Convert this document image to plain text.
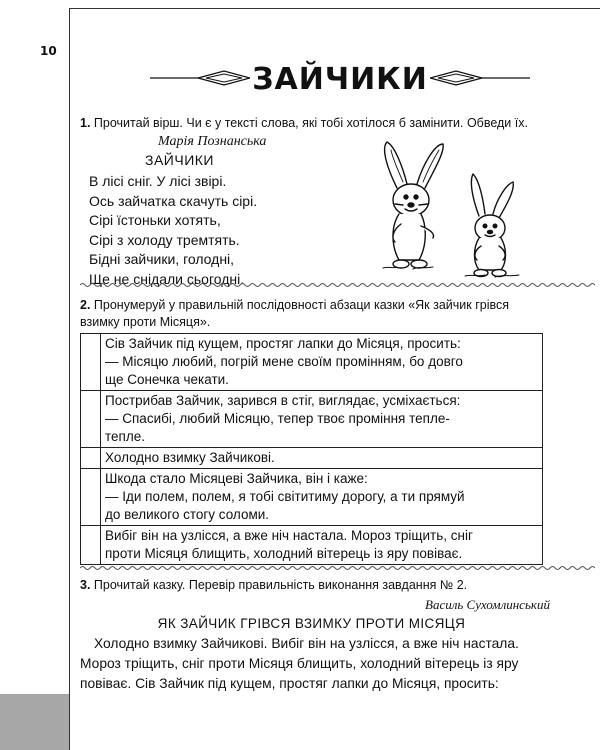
10
ЗАЙЧИКИ
1. Прочитай вірш. Чи є у тексті слова, які тобі хотілося б замінити. Обведи їх.
Марія Познанська
ЗАЙЧИКИ
В лісі сніг. У лісі звірі.
Ось зайчатка скачуть сірі.
Сірі їстоньки хотять,
Сірі з холоду тремтять.
Бідні зайчики, голодні,
Ще не снідали сьогодні.
2. Пронумеруй у правильній послідовності абзаци казки «Як зайчик грівся взимку проти Місяця».

	Сів Зайчик під кущем, простяг лапки до Місяця, просить:
— Місяцю любий, погрій мене своїм промінням, бо довго
ще Сонечка чекати.

	Пострибав Зайчик, зарився в стіг, виглядає, усміхається:
— Спасибі, любий Місяцю, тепер твоє проміння тепле-
тепле.

	Холодно взимку Зайчикові.

	Шкода стало Місяцеві Зайчика, він і каже:
— Іди полем, полем, я тобі світитиму дорогу, а ти прямуй
до великого стогу соломи.

	Вибіг він на узлісся, а вже ніч настала. Мороз тріщить, сніг
проти Місяця блищить, холодний вітерець із яру повіває.
3. Прочитай казку. Перевір правильність виконання завдання № 2.
Василь Сухомлинський
ЯК ЗАЙЧИК ГРІВСЯ ВЗИМКУ ПРОТИ МІСЯЦЯ

Холодно взимку Зайчикові. Вибіг він на узлісся, а вже ніч настала.

Мороз тріщить, сніг проти Місяця блищить, холодний вітерець із яру
повіває. Сів Зайчик під кущем, простяг лапки до Місяця, просить:
